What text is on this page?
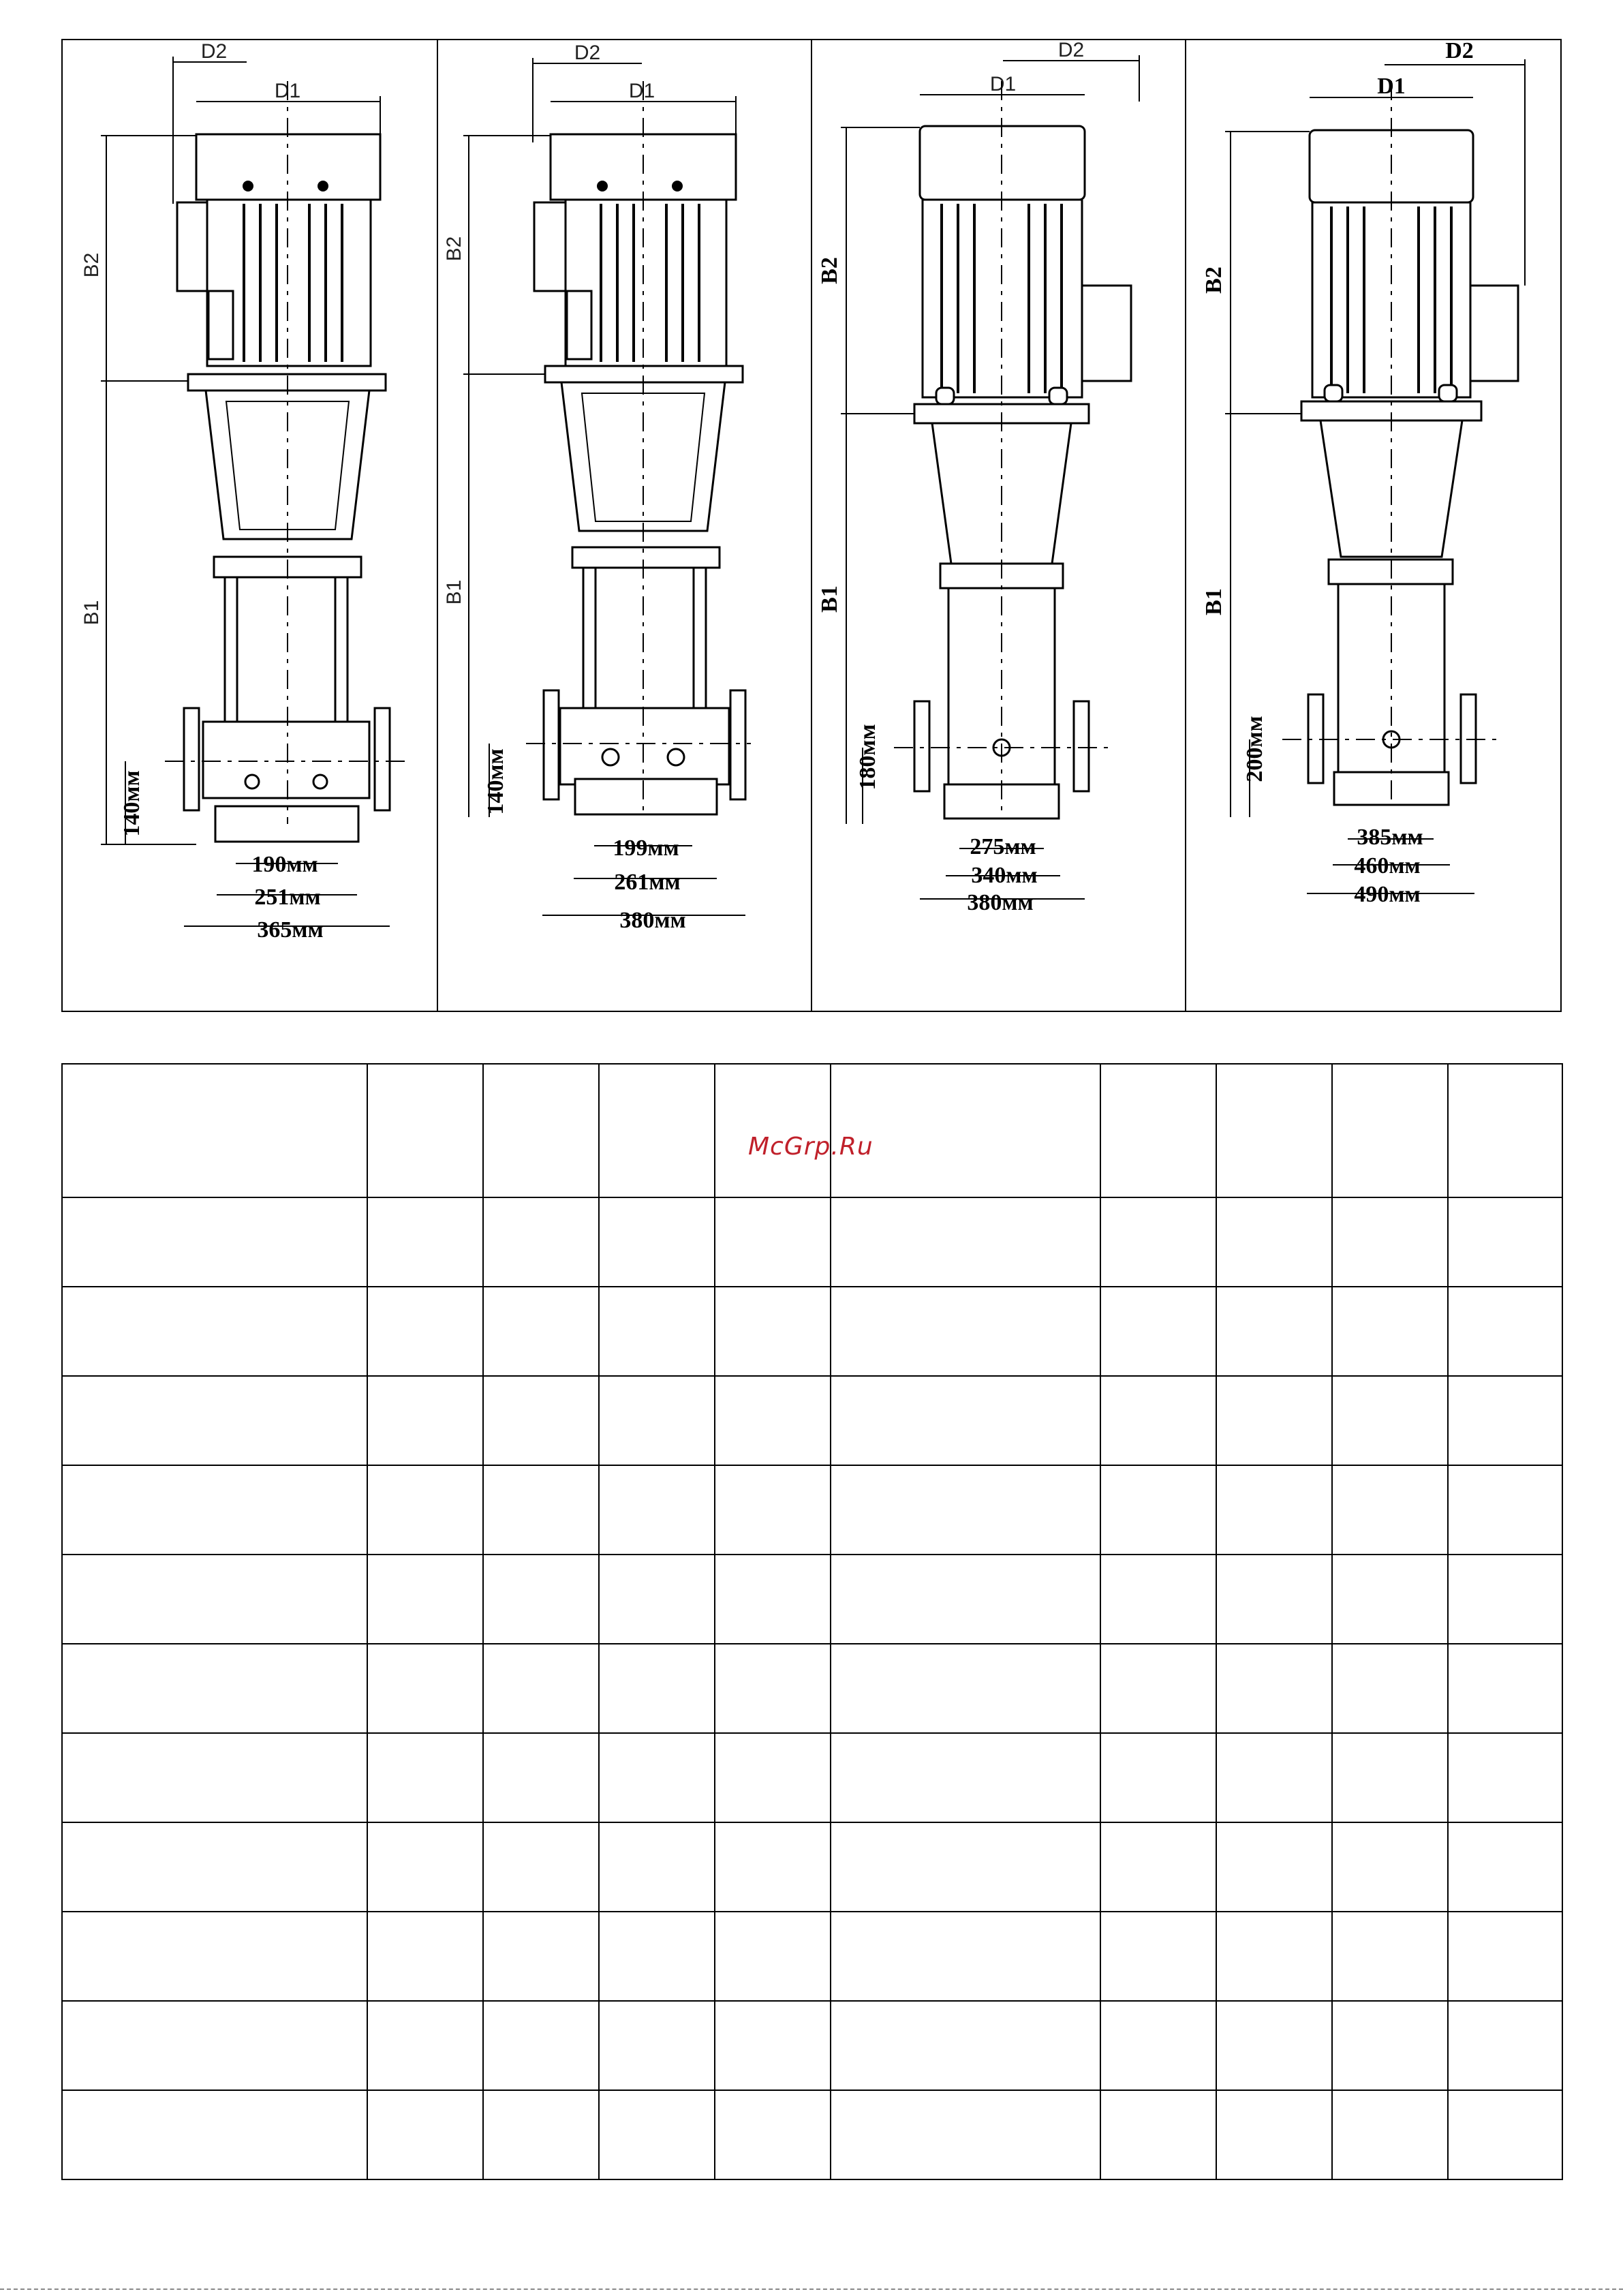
D2
D1
B2
B1
140мм
190мм
251мм
365мм
D2
D1
B2
B1
140мм
199мм
261мм
380мм
D2
D1
B2
B1
180мм
275мм
340мм
380мм
D2
D1
B2
B1
200мм
385мм
460мм
490мм

McGrp.Ru
